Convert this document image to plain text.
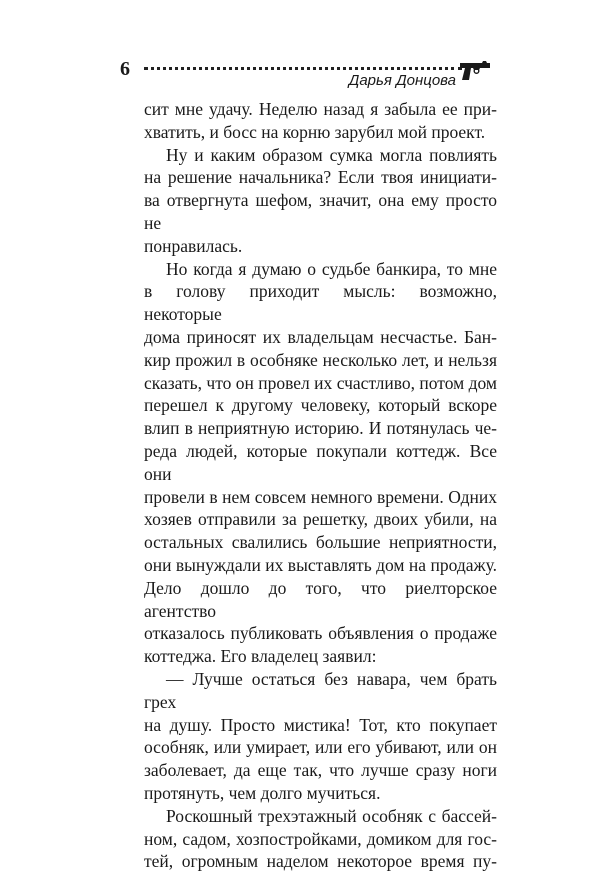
6
Дарья Донцова

сит мне удачу. Неделю назад я забыла ее при-

хватить, и босс на корню зарубил мой проект.

Ну и каким образом сумка могла повлиять

на решение начальника? Если твоя инициати-

ва отвергнута шефом, значит, она ему просто не

понравилась.

Но когда я думаю о судьбе банкира, то мне

в голову приходит мысль: возможно, некоторые

дома приносят их владельцам несчастье. Бан-

кир прожил в особняке несколько лет, и нельзя

сказать, что он провел их счастливо, потом дом

перешел к другому человеку, который вскоре

влип в неприятную историю. И потянулась че-

реда людей, которые покупали коттедж. Все они

провели в нем совсем немного времени. Одних

хозяев отправили за решетку, двоих убили, на

остальных свалились большие неприятности,

они вынуждали их выставлять дом на продажу.

Дело дошло до того, что риелторское агентство

отказалось публиковать объявления о продаже

коттеджа. Его владелец заявил:

— Лучше остаться без навара, чем брать грех

на душу. Просто мистика! Тот, кто покупает

особняк, или умирает, или его убивают, или он

заболевает, да еще так, что лучше сразу ноги

протянуть, чем долго мучиться.

Роскошный трехэтажный особняк с бассей-

ном, садом, хозпостройками, домиком для гос-

тей, огромным наделом некоторое время пу-
